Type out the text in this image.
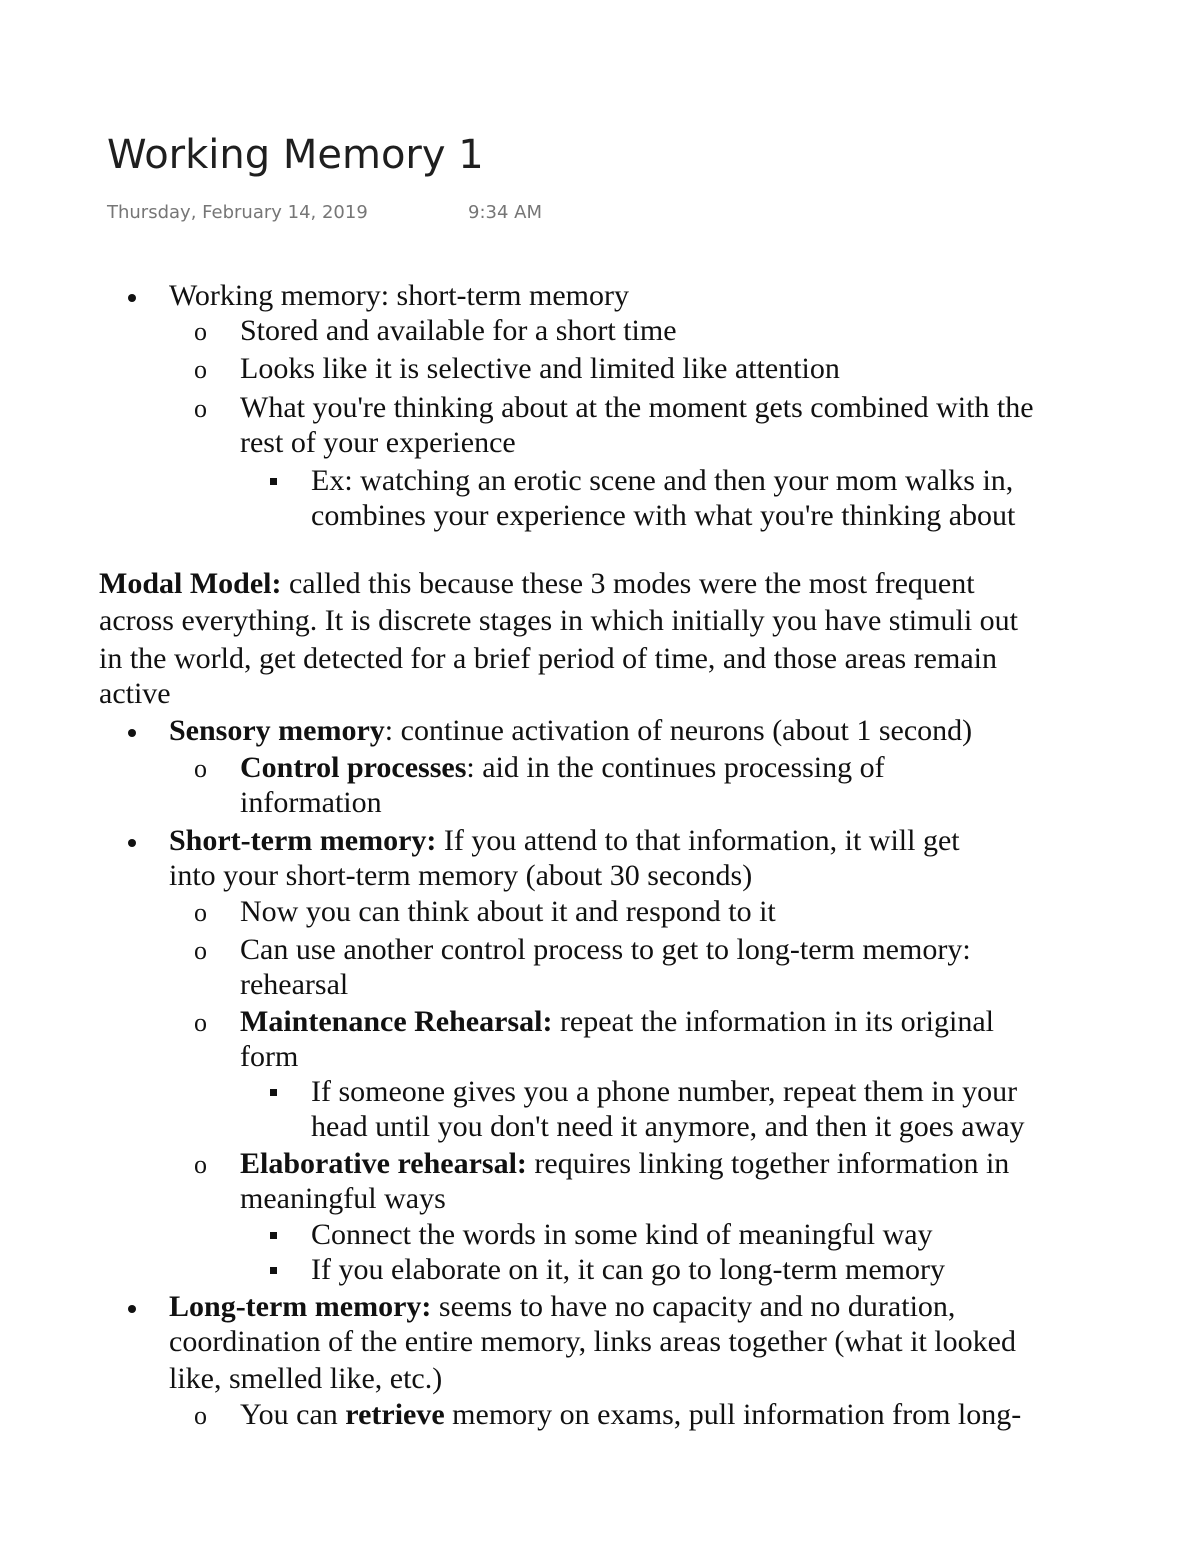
Working Memory 1
Thursday, February 14, 2019	9:34 AM
Working memory: short-term memory
o Stored and available for a short time
o Looks like it is selective and limited like attention
o What you're thinking about at the moment gets combined with the
rest of your experience
Ex: watching an erotic scene and then your mom walks in,
combines your experience with what you're thinking about
Modal Model: called this because these 3 modes were the most frequent
across everything. It is discrete stages in which initially you have stimuli out
in the world, get detected for a brief period of time, and those areas remain
active
Sensory memory: continue activation of neurons (about 1 second)
o Control processes: aid in the continues processing of
information
Short-term memory: If you attend to that information, it will get
into your short-term memory (about 30 seconds)
o Now you can think about it and respond to it
o Can use another control process to get to long-term memory:
rehearsal
o Maintenance Rehearsal: repeat the information in its original
form
If someone gives you a phone number, repeat them in your
head until you don't need it anymore, and then it goes away
o Elaborative rehearsal: requires linking together information in
meaningful ways
Connect the words in some kind of meaningful way
If you elaborate on it, it can go to long-term memory
Long-term memory: seems to have no capacity and no duration,
coordination of the entire memory, links areas together (what it looked
like, smelled like, etc.)
o You can retrieve memory on exams, pull information from long-
